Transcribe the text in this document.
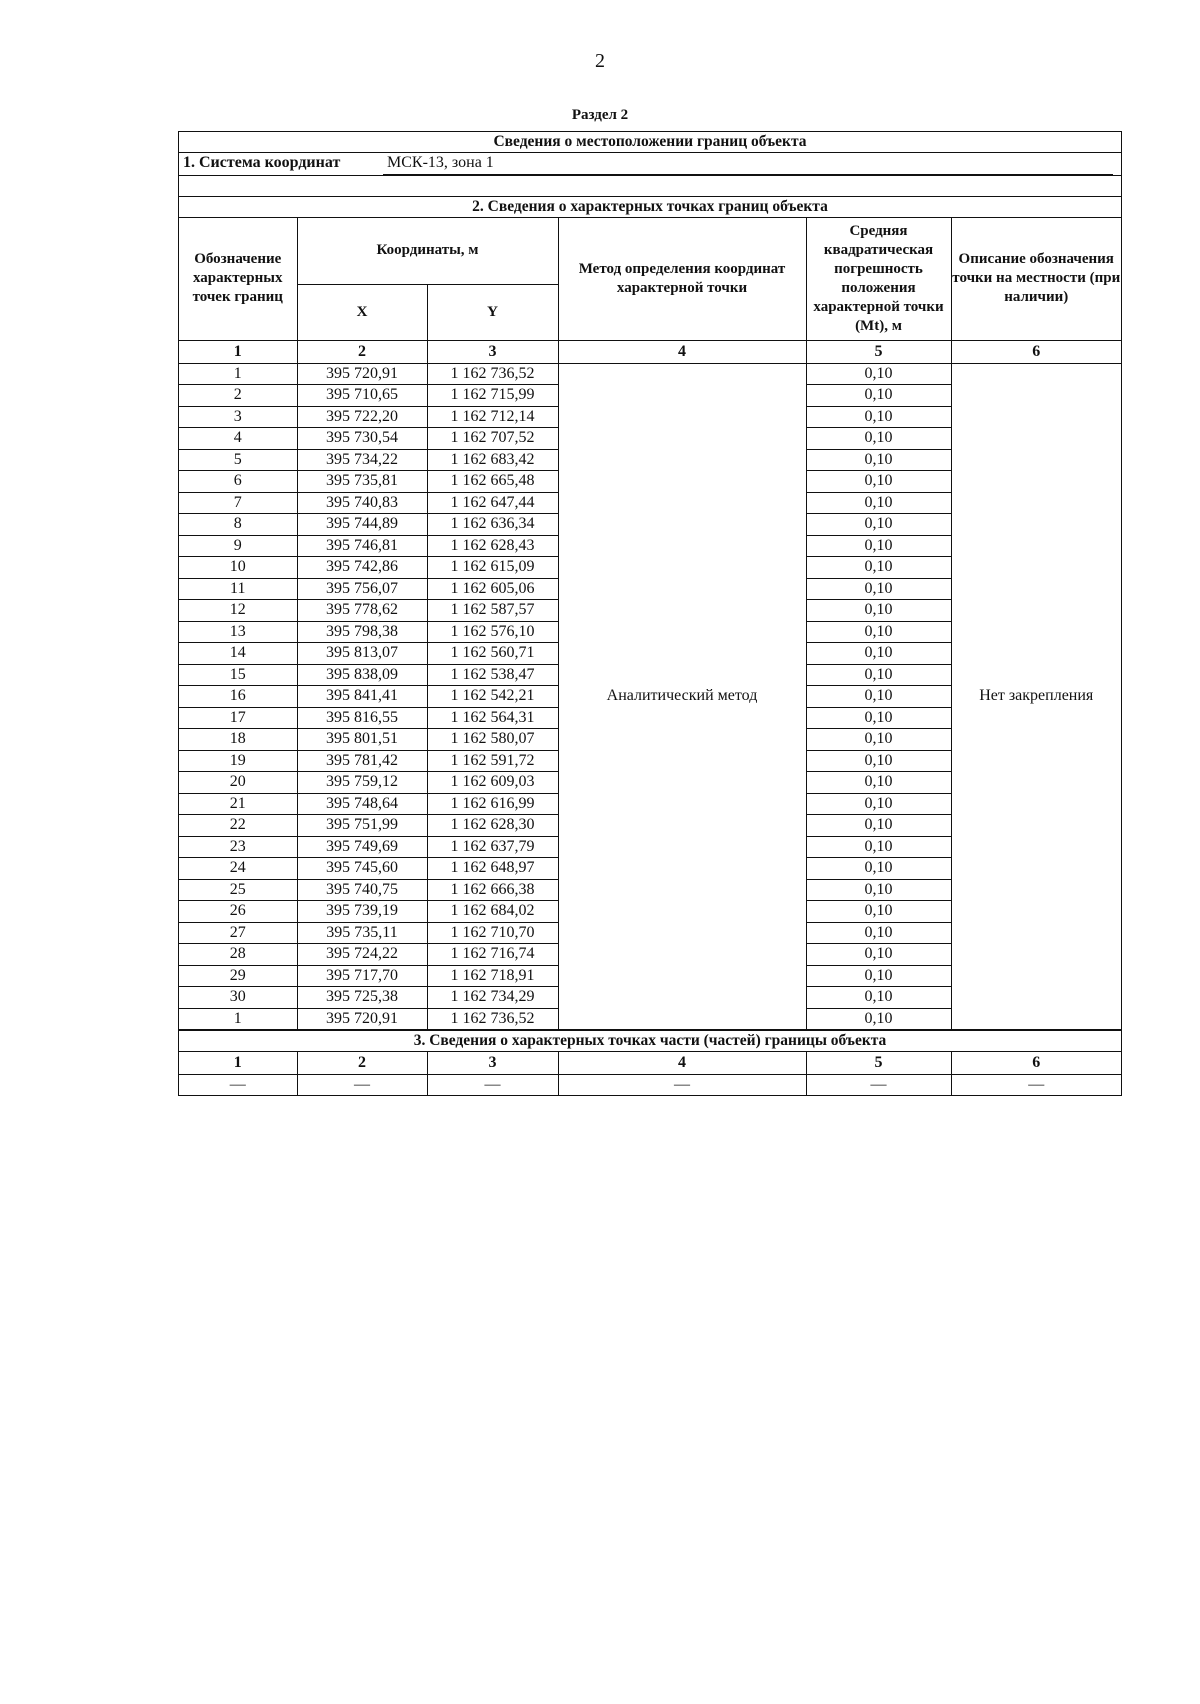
2
Раздел 2
Сведения о местоположении границ объекта
1. Система координат	МСК-13, зона 1
2. Сведения о характерных точках границ объекта
Обозначение характерных точек границ	Координаты, м		Метод определения координат характерной точки	Средняя квадратическая погрешность положения характерной точки (Mt), м	Описание обозначения точки на местности (при наличии)
	X	Y			
1	2	3	4	5	6
1	395 720,91	1 162 736,52	Аналитический метод	0,10	Нет закрепления
2	395 710,65	1 162 715,99		0,10	
3	395 722,20	1 162 712,14		0,10	
4	395 730,54	1 162 707,52		0,10	
5	395 734,22	1 162 683,42		0,10	
6	395 735,81	1 162 665,48		0,10	
7	395 740,83	1 162 647,44		0,10	
8	395 744,89	1 162 636,34		0,10	
9	395 746,81	1 162 628,43		0,10	
10	395 742,86	1 162 615,09		0,10	
11	395 756,07	1 162 605,06		0,10	
12	395 778,62	1 162 587,57		0,10	
13	395 798,38	1 162 576,10		0,10	
14	395 813,07	1 162 560,71		0,10	
15	395 838,09	1 162 538,47		0,10	
16	395 841,41	1 162 542,21		0,10	
17	395 816,55	1 162 564,31		0,10	
18	395 801,51	1 162 580,07		0,10	
19	395 781,42	1 162 591,72		0,10	
20	395 759,12	1 162 609,03		0,10	
21	395 748,64	1 162 616,99		0,10	
22	395 751,99	1 162 628,30		0,10	
23	395 749,69	1 162 637,79		0,10	
24	395 745,60	1 162 648,97		0,10	
25	395 740,75	1 162 666,38		0,10	
26	395 739,19	1 162 684,02		0,10	
27	395 735,11	1 162 710,70		0,10	
28	395 724,22	1 162 716,74		0,10	
29	395 717,70	1 162 718,91		0,10	
30	395 725,38	1 162 734,29		0,10	
1	395 720,91	1 162 736,52		0,10	
3. Сведения о характерных точках части (частей) границы объекта
1	2	3	4	5	6
—	—	—	—	—	—
